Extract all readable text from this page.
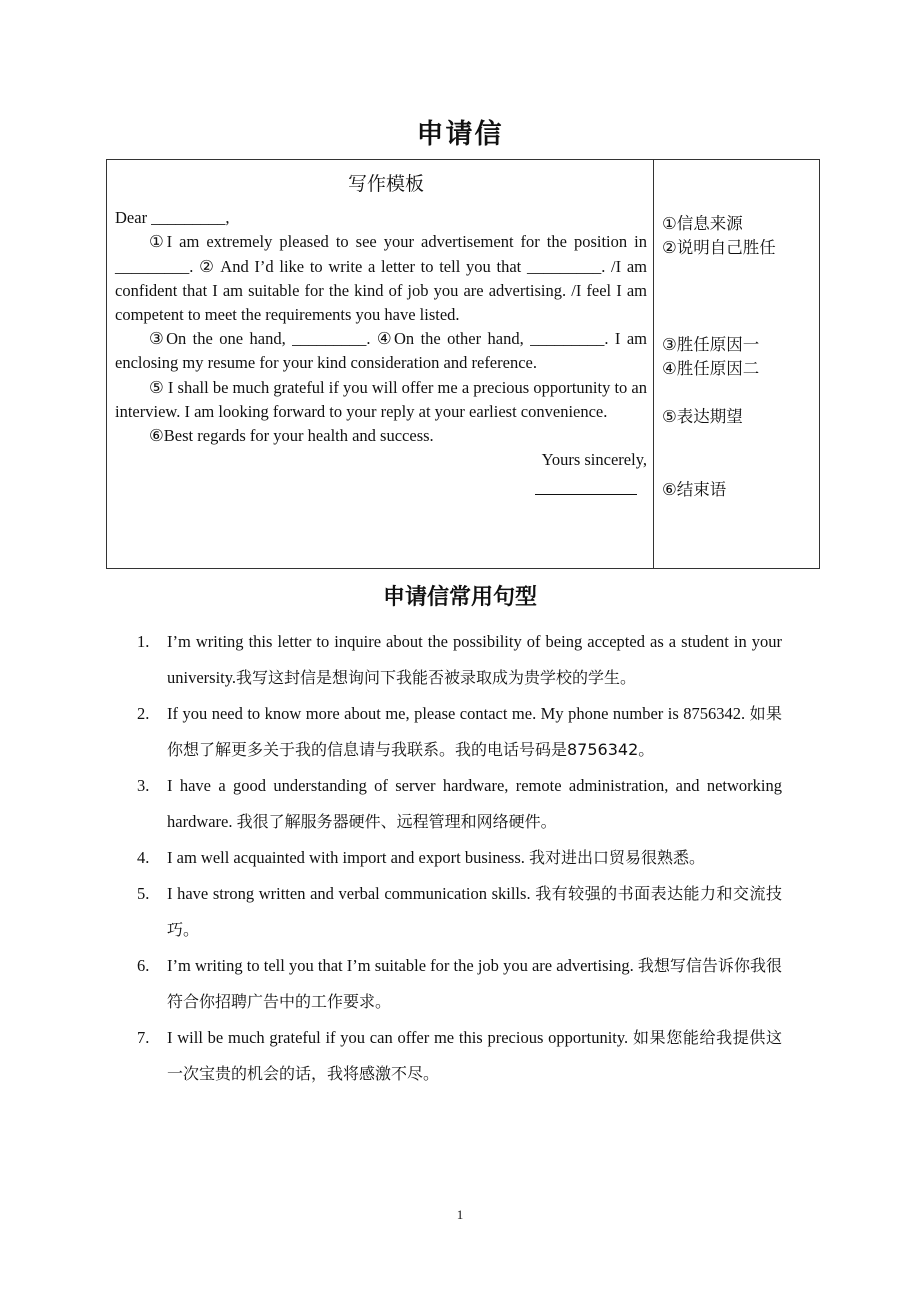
申请信
写作模板

Dear _________,

①I am extremely pleased to see your advertisement for the position in _________. ② And I’d like to write a letter to tell you that _________. /I am confident that I am suitable for the kind of job you are advertising. /I feel I am competent to meet the requirements you have listed.

③On the one hand, _________. ④On the other hand, _________. I am enclosing my resume for your kind consideration and reference.

⑤ I shall be much grateful if you will offer me a precious opportunity to an interview. I am looking forward to your reply at your earliest convenience.

⑥Best regards for your health and success.

Yours sincerely,

①信息来源
②说明自己胜任
③胜任原因一
④胜任原因二
⑤表达期望
⑥结束语
申请信常用句型
1. I’m writing this letter to inquire about the possibility of being accepted as a student in your university.我写这封信是想询问下我能否被录取成为贵学校的学生。
2. If you need to know more about me, please contact me. My phone number is 8756342. 如果你想了解更多关于我的信息请与我联系。我的电话号码是8756342。
3. I have a good understanding of server hardware, remote administration, and networking hardware. 我很了解服务器硬件、远程管理和网络硬件。
4. I am well acquainted with import and export business. 我对进出口贸易很熟悉。
5. I have strong written and verbal communication skills. 我有较强的书面表达能力和交流技巧。
6. I’m writing to tell you that I’m suitable for the job you are advertising. 我想写信告诉你我很符合你招聘广告中的工作要求。
7. I will be much grateful if you can offer me this precious opportunity. 如果您能给我提供这一次宝贵的机会的话，我将感激不尽。
1
